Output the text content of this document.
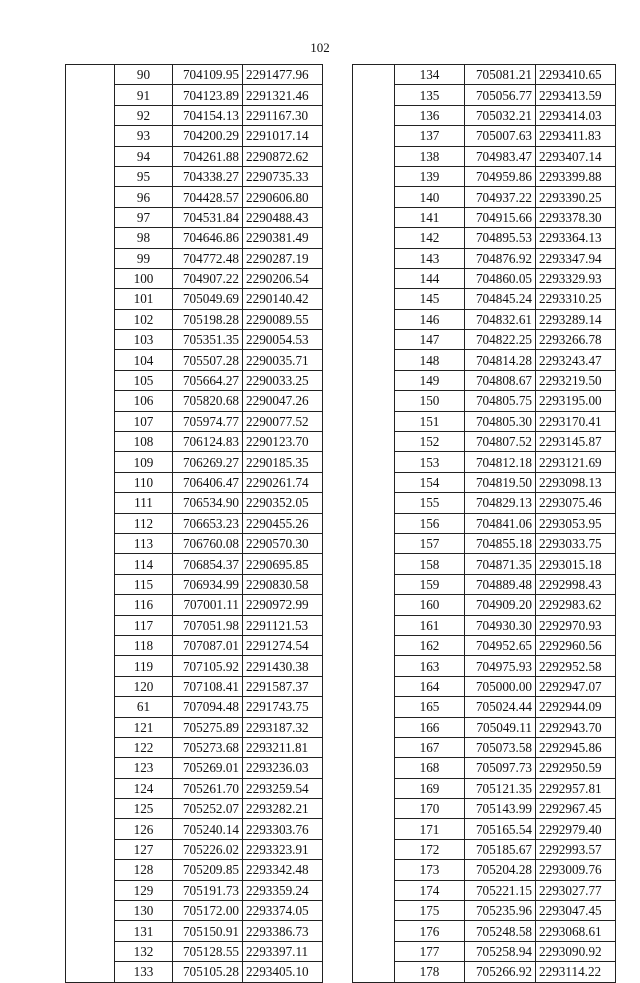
102
	90	704109.95	2291477.96
	91	704123.89	2291321.46
	92	704154.13	2291167.30
	93	704200.29	2291017.14
	94	704261.88	2290872.62
	95	704338.27	2290735.33
	96	704428.57	2290606.80
	97	704531.84	2290488.43
	98	704646.86	2290381.49
	99	704772.48	2290287.19
	100	704907.22	2290206.54
	101	705049.69	2290140.42
	102	705198.28	2290089.55
	103	705351.35	2290054.53
	104	705507.28	2290035.71
	105	705664.27	2290033.25
	106	705820.68	2290047.26
	107	705974.77	2290077.52
	108	706124.83	2290123.70
	109	706269.27	2290185.35
	110	706406.47	2290261.74
	111	706534.90	2290352.05
	112	706653.23	2290455.26
	113	706760.08	2290570.30
	114	706854.37	2290695.85
	115	706934.99	2290830.58
	116	707001.11	2290972.99
	117	707051.98	2291121.53
	118	707087.01	2291274.54
	119	707105.92	2291430.38
	120	707108.41	2291587.37
	61	707094.48	2291743.75
	121	705275.89	2293187.32
	122	705273.68	2293211.81
	123	705269.01	2293236.03
	124	705261.70	2293259.54
	125	705252.07	2293282.21
	126	705240.14	2293303.76
	127	705226.02	2293323.91
	128	705209.85	2293342.48
	129	705191.73	2293359.24
	130	705172.00	2293374.05
	131	705150.91	2293386.73
	132	705128.55	2293397.11
	133	705105.28	2293405.10
	134	705081.21	2293410.65
	135	705056.77	2293413.59
	136	705032.21	2293414.03
	137	705007.63	2293411.83
	138	704983.47	2293407.14
	139	704959.86	2293399.88
	140	704937.22	2293390.25
	141	704915.66	2293378.30
	142	704895.53	2293364.13
	143	704876.92	2293347.94
	144	704860.05	2293329.93
	145	704845.24	2293310.25
	146	704832.61	2293289.14
	147	704822.25	2293266.78
	148	704814.28	2293243.47
	149	704808.67	2293219.50
	150	704805.75	2293195.00
	151	704805.30	2293170.41
	152	704807.52	2293145.87
	153	704812.18	2293121.69
	154	704819.50	2293098.13
	155	704829.13	2293075.46
	156	704841.06	2293053.95
	157	704855.18	2293033.75
	158	704871.35	2293015.18
	159	704889.48	2292998.43
	160	704909.20	2292983.62
	161	704930.30	2292970.93
	162	704952.65	2292960.56
	163	704975.93	2292952.58
	164	705000.00	2292947.07
	165	705024.44	2292944.09
	166	705049.11	2292943.70
	167	705073.58	2292945.86
	168	705097.73	2292950.59
	169	705121.35	2292957.81
	170	705143.99	2292967.45
	171	705165.54	2292979.40
	172	705185.67	2292993.57
	173	705204.28	2293009.76
	174	705221.15	2293027.77
	175	705235.96	2293047.45
	176	705248.58	2293068.61
	177	705258.94	2293090.92
	178	705266.92	2293114.22
